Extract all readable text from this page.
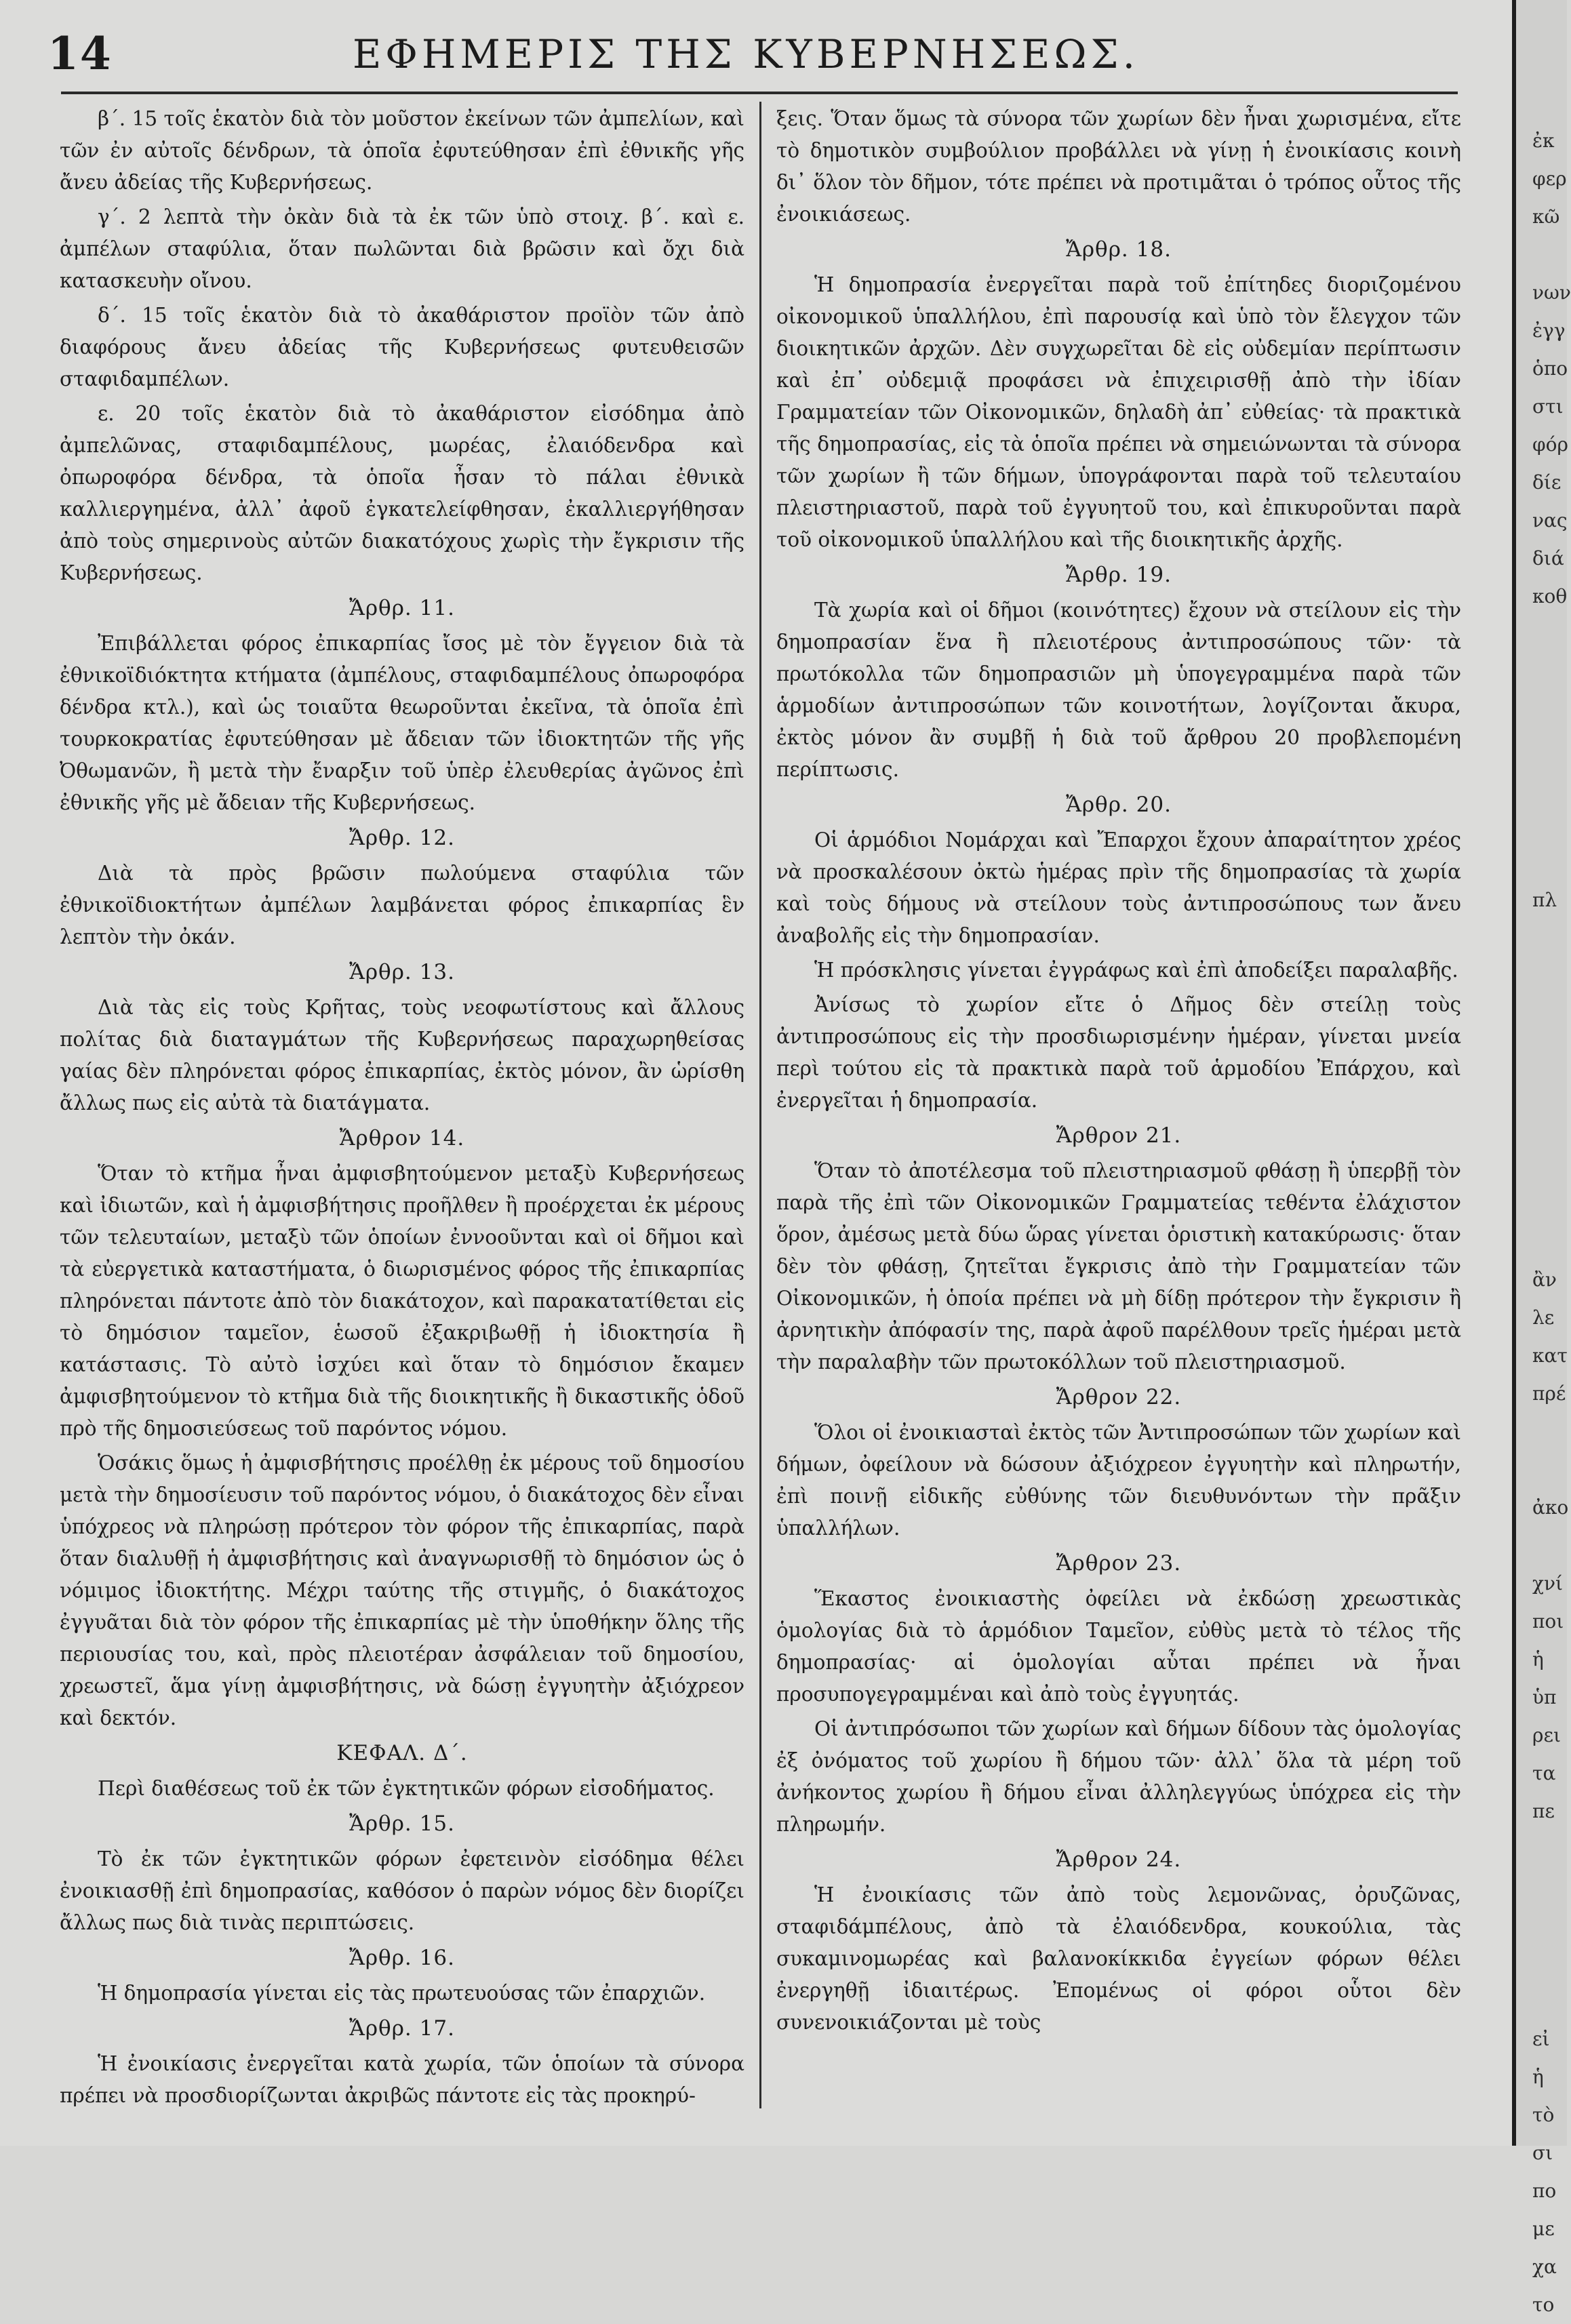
14	ΕΦΗΜΕΡΙΣ ΤΗΣ ΚΥΒΕΡΝΗΣΕΩΣ.

β΄. 15 τοῖς ἑκατὸν διὰ τὸν μοῦστον ἐκείνων τῶν ἀμπελίων, καὶ τῶν ἐν αὐτοῖς δένδρων, τὰ ὁποῖα ἐφυτεύθησαν ἐπὶ ἐθνικῆς γῆς ἄνευ ἀδείας τῆς Κυβερνήσεως.

γ΄. 2 λεπτὰ τὴν ὀκὰν διὰ τὰ ἐκ τῶν ὑπὸ στοιχ. β΄. καὶ ε. ἀμπέλων σταφύλια, ὅταν πωλῶνται διὰ βρῶσιν καὶ ὄχι διὰ κατασκευὴν οἴνου.

δ΄. 15 τοῖς ἑκατὸν διὰ τὸ ἀκαθάριστον προϊὸν τῶν ἀπὸ διαφόρους ἄνευ ἀδείας τῆς Κυβερνήσεως φυτευθεισῶν σταφιδαμπέλων.

ε. 20 τοῖς ἑκατὸν διὰ τὸ ἀκαθάριστον εἰσόδημα ἀπὸ ἀμπελῶνας, σταφιδαμπέλους, μωρέας, ἐλαιόδενδρα καὶ ὀπωροφόρα δένδρα, τὰ ὁποῖα ἦσαν τὸ πάλαι ἐθνικὰ καλλιεργημένα, ἀλλ᾿ ἀφοῦ ἐγκατελείφθησαν, ἐκαλλιεργήθησαν ἀπὸ τοὺς σημερινοὺς αὐτῶν διακατόχους χωρὶς τὴν ἔγκρισιν τῆς Κυβερνήσεως.

Ἄρθρ. 11.

Ἐπιβάλλεται φόρος ἐπικαρπίας ἴσος μὲ τὸν ἔγγειον διὰ τὰ ἐθνικοϊδιόκτητα κτήματα (ἀμπέλους, σταφιδαμπέλους ὀπωροφόρα δένδρα κτλ.), καὶ ὡς τοιαῦτα θεωροῦνται ἐκεῖνα, τὰ ὁποῖα ἐπὶ τουρκοκρατίας ἐφυτεύθησαν μὲ ἄδειαν τῶν ἰδιοκτητῶν τῆς γῆς Ὀθωμανῶν, ἢ μετὰ τὴν ἔναρξιν τοῦ ὑπὲρ ἐλευθερίας ἀγῶνος ἐπὶ ἐθνικῆς γῆς μὲ ἄδειαν τῆς Κυβερνήσεως.

Ἄρθρ. 12.

Διὰ τὰ πρὸς βρῶσιν πωλούμενα σταφύλια τῶν ἐθνικοϊδιοκτήτων ἀμπέλων λαμβάνεται φόρος ἐπικαρπίας ἓν λεπτὸν τὴν ὀκάν.

Ἄρθρ. 13.

Διὰ τὰς εἰς τοὺς Κρῆτας, τοὺς νεοφωτίστους καὶ ἄλλους πολίτας διὰ διαταγμάτων τῆς Κυβερνήσεως παραχωρηθείσας γαίας δὲν πληρόνεται φόρος ἐπικαρπίας, ἐκτὸς μόνον, ἂν ὡρίσθη ἄλλως πως εἰς αὐτὰ τὰ διατάγματα.

Ἄρθρον 14.

Ὅταν τὸ κτῆμα ἦναι ἀμφισβητούμενον μεταξὺ Κυβερνήσεως καὶ ἰδιωτῶν, καὶ ἡ ἀμφισβήτησις προῆλθεν ἢ προέρχεται ἐκ μέρους τῶν τελευταίων, μεταξὺ τῶν ὁποίων ἐννοοῦνται καὶ οἱ δῆμοι καὶ τὰ εὐεργετικὰ καταστήματα, ὁ διωρισμένος φόρος τῆς ἐπικαρπίας πληρόνεται πάντοτε ἀπὸ τὸν διακάτοχον, καὶ παρακατατίθεται εἰς τὸ δημόσιον ταμεῖον, ἑωσοῦ ἐξακριβωθῇ ἡ ἰδιοκτησία ἢ κατάστασις. Τὸ αὐτὸ ἰσχύει καὶ ὅταν τὸ δημόσιον ἔκαμεν ἀμφισβητούμενον τὸ κτῆμα διὰ τῆς διοικητικῆς ἢ δικαστικῆς ὁδοῦ πρὸ τῆς δημοσιεύσεως τοῦ παρόντος νόμου.

Ὁσάκις ὅμως ἡ ἀμφισβήτησις προέλθῃ ἐκ μέρους τοῦ δημοσίου μετὰ τὴν δημοσίευσιν τοῦ παρόντος νόμου, ὁ διακάτοχος δὲν εἶναι ὑπόχρεος νὰ πληρώσῃ πρότερον τὸν φόρον τῆς ἐπικαρπίας, παρὰ ὅταν διαλυθῇ ἡ ἀμφισβήτησις καὶ ἀναγνωρισθῇ τὸ δημόσιον ὡς ὁ νόμιμος ἰδιοκτήτης. Μέχρι ταύτης τῆς στιγμῆς, ὁ διακάτοχος ἐγγυᾶται διὰ τὸν φόρον τῆς ἐπικαρπίας μὲ τὴν ὑποθήκην ὅλης τῆς περιουσίας του, καὶ, πρὸς πλειοτέραν ἀσφάλειαν τοῦ δημοσίου, χρεωστεῖ, ἅμα γίνῃ ἀμφισβήτησις, νὰ δώσῃ ἐγγυητὴν ἀξιόχρεον καὶ δεκτόν.

ΚΕΦΑΛ. Δ΄.

Περὶ διαθέσεως τοῦ ἐκ τῶν ἐγκτητικῶν φόρων εἰσοδήματος.

Ἄρθρ. 15.

Τὸ ἐκ τῶν ἐγκτητικῶν φόρων ἐφετεινὸν εἰσόδημα θέλει ἐνοικιασθῇ ἐπὶ δημοπρασίας, καθόσον ὁ παρὼν νόμος δὲν διορίζει ἄλλως πως διὰ τινὰς περιπτώσεις.

Ἄρθρ. 16.

Ἡ δημοπρασία γίνεται εἰς τὰς πρωτευούσας τῶν ἐπαρχιῶν.

Ἄρθρ. 17.

Ἡ ἐνοικίασις ἐνεργεῖται κατὰ χωρία, τῶν ὁποίων τὰ σύνορα πρέπει νὰ προσδιορίζωνται ἀκριβῶς πάντοτε εἰς τὰς προκηρύ-

ξεις. Ὅταν ὅμως τὰ σύνορα τῶν χωρίων δὲν ἦναι χωρισμένα, εἴτε τὸ δημοτικὸν συμβούλιον προβάλλει νὰ γίνῃ ἡ ἐνοικίασις κοινὴ δι᾿ ὅλον τὸν δῆμον, τότε πρέπει νὰ προτιμᾶται ὁ τρόπος οὗτος τῆς ἐνοικιάσεως.

Ἄρθρ. 18.

Ἡ δημοπρασία ἐνεργεῖται παρὰ τοῦ ἐπίτηδες διοριζομένου οἰκονομικοῦ ὑπαλλήλου, ἐπὶ παρουσίᾳ καὶ ὑπὸ τὸν ἔλεγχον τῶν διοικητικῶν ἀρχῶν. Δὲν συγχωρεῖται δὲ εἰς οὐδεμίαν περίπτωσιν καὶ ἐπ᾿ οὐδεμιᾷ προφάσει νὰ ἐπιχειρισθῇ ἀπὸ τὴν ἰδίαν Γραμματείαν τῶν Οἰκονομικῶν, δηλαδὴ ἀπ᾿ εὐθείας· τὰ πρακτικὰ τῆς δημοπρασίας, εἰς τὰ ὁποῖα πρέπει νὰ σημειώνωνται τὰ σύνορα τῶν χωρίων ἢ τῶν δήμων, ὑπογράφονται παρὰ τοῦ τελευταίου πλειστηριαστοῦ, παρὰ τοῦ ἐγγυητοῦ του, καὶ ἐπικυροῦνται παρὰ τοῦ οἰκονομικοῦ ὑπαλλήλου καὶ τῆς διοικητικῆς ἀρχῆς.

Ἄρθρ. 19.

Τὰ χωρία καὶ οἱ δῆμοι (κοινότητες) ἔχουν νὰ στείλουν εἰς τὴν δημοπρασίαν ἕνα ἢ πλειοτέρους ἀντιπροσώπους τῶν· τὰ πρωτόκολλα τῶν δημοπρασιῶν μὴ ὑπογεγραμμένα παρὰ τῶν ἁρμοδίων ἀντιπροσώπων τῶν κοινοτήτων, λογίζονται ἄκυρα, ἐκτὸς μόνον ἂν συμβῇ ἡ διὰ τοῦ ἄρθρου 20 προβλεπομένη περίπτωσις.

Ἄρθρ. 20.

Οἱ ἁρμόδιοι Νομάρχαι καὶ Ἔπαρχοι ἔχουν ἀπαραίτητον χρέος νὰ προσκαλέσουν ὀκτὼ ἡμέρας πρὶν τῆς δημοπρασίας τὰ χωρία καὶ τοὺς δήμους νὰ στείλουν τοὺς ἀντιπροσώπους των ἄνευ ἀναβολῆς εἰς τὴν δημοπρασίαν.

Ἡ πρόσκλησις γίνεται ἐγγράφως καὶ ἐπὶ ἀποδείξει παραλαβῆς.

Ἀνίσως τὸ χωρίον εἴτε ὁ Δῆμος δὲν στείλῃ τοὺς ἀντιπροσώπους εἰς τὴν προσδιωρισμένην ἡμέραν, γίνεται μνεία περὶ τούτου εἰς τὰ πρακτικὰ παρὰ τοῦ ἁρμοδίου Ἐπάρχου, καὶ ἐνεργεῖται ἡ δημοπρασία.

Ἄρθρον 21.

Ὅταν τὸ ἀποτέλεσμα τοῦ πλειστηριασμοῦ φθάσῃ ἢ ὑπερβῇ τὸν παρὰ τῆς ἐπὶ τῶν Οἰκονομικῶν Γραμματείας τεθέντα ἐλάχιστον ὅρον, ἀμέσως μετὰ δύω ὥρας γίνεται ὁριστικὴ κατακύρωσις· ὅταν δὲν τὸν φθάσῃ, ζητεῖται ἔγκρισις ἀπὸ τὴν Γραμματείαν τῶν Οἰκονομικῶν, ἡ ὁποία πρέπει νὰ μὴ δίδῃ πρότερον τὴν ἔγκρισιν ἢ ἀρνητικὴν ἀπόφασίν της, παρὰ ἀφοῦ παρέλθουν τρεῖς ἡμέραι μετὰ τὴν παραλαβὴν τῶν πρωτοκόλλων τοῦ πλειστηριασμοῦ.

Ἄρθρον 22.

Ὅλοι οἱ ἐνοικιασταὶ ἐκτὸς τῶν Ἀντιπροσώπων τῶν χωρίων καὶ δήμων, ὀφείλουν νὰ δώσουν ἀξιόχρεον ἐγγυητὴν καὶ πληρωτήν, ἐπὶ ποινῇ εἰδικῆς εὐθύνης τῶν διευθυνόντων τὴν πρᾶξιν ὑπαλλήλων.

Ἄρθρον 23.

Ἕκαστος ἐνοικιαστὴς ὀφείλει νὰ ἐκδώσῃ χρεωστικὰς ὁμολογίας διὰ τὸ ἁρμόδιον Ταμεῖον, εὐθὺς μετὰ τὸ τέλος τῆς δημοπρασίας· αἱ ὁμολογίαι αὗται πρέπει νὰ ἦναι προσυπογεγραμμέναι καὶ ἀπὸ τοὺς ἐγγυητάς.

Οἱ ἀντιπρόσωποι τῶν χωρίων καὶ δήμων δίδουν τὰς ὁμολογίας ἐξ ὀνόματος τοῦ χωρίου ἢ δήμου τῶν· ἀλλ᾿ ὅλα τὰ μέρη τοῦ ἀνήκοντος χωρίου ἢ δήμου εἶναι ἀλληλεγγύως ὑπόχρεα εἰς τὴν πληρωμήν.

Ἄρθρον 24.

Ἡ ἐνοικίασις τῶν ἀπὸ τοὺς λεμονῶνας, ὀρυζῶνας, σταφιδάμπέλους, ἀπὸ τὰ ἐλαιόδενδρα, κουκούλια, τὰς συκαμινομωρέας καὶ βαλανοκίκκιδα ἐγγείων φόρων θέλει ἐνεργηθῇ ἰδιαιτέρως. Ἐπομένως οἱ φόροι οὗτοι δὲν συνενοικιάζονται μὲ τοὺς

ἐκ
φερ
κῶ
νων
ἐγγ
ὁπο
στι
φόρ
δίε
νας
διά
κοθ
πλ
ἂν
λε
κατ
πρέ
ἀκο
χνί
ποι
ἡ
ὑπ
ρει
τα
πε
εἰ
ἡ
τὸ
σι
πο
με
χα
το
